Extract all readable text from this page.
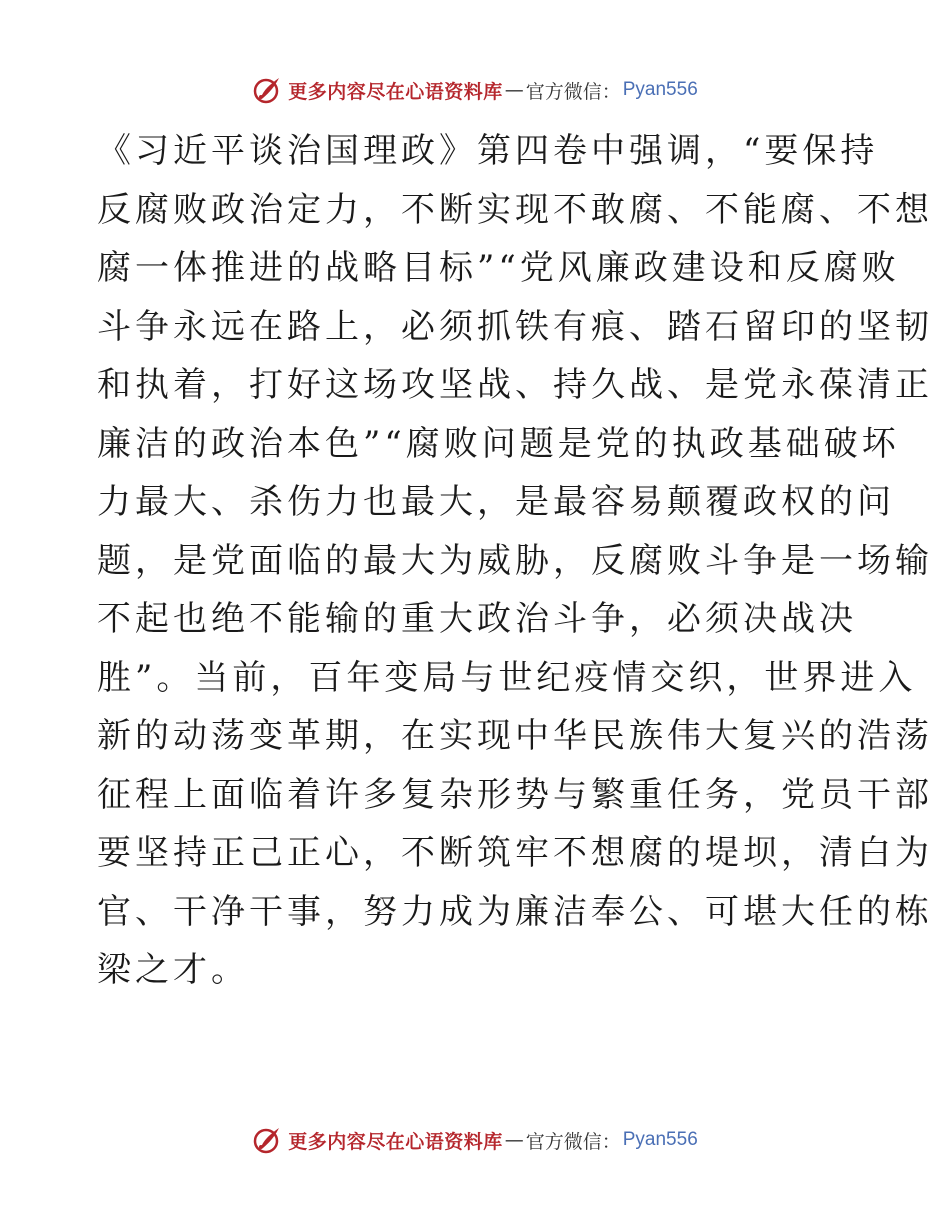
更多内容尽在心语资料库 — 官方微信： Pyan556
《习近平谈治国理政》第四卷中强调，“要保持
反腐败政治定力，不断实现不敢腐、不能腐、不想
腐一体推进的战略目标”“党风廉政建设和反腐败
斗争永远在路上，必须抓铁有痕、踏石留印的坚韧
和执着，打好这场攻坚战、持久战、是党永葆清正
廉洁的政治本色”“腐败问题是党的执政基础破坏
力最大、杀伤力也最大，是最容易颠覆政权的问
题，是党面临的最大为威胁，反腐败斗争是一场输
不起也绝不能输的重大政治斗争，必须决战决
胜”。当前，百年变局与世纪疫情交织，世界进入
新的动荡变革期，在实现中华民族伟大复兴的浩荡
征程上面临着许多复杂形势与繁重任务，党员干部
要坚持正己正心，不断筑牢不想腐的堤坝，清白为
官、干净干事，努力成为廉洁奉公、可堪大任的栋
梁之才。
更多内容尽在心语资料库 — 官方微信： Pyan556
